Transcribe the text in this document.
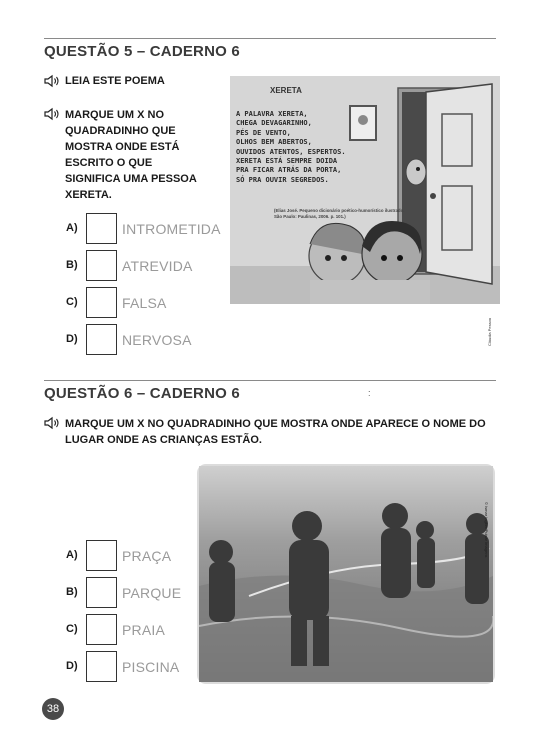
QUESTÃO 5 – CADERNO 6
LEIA ESTE POEMA
MARQUE UM X NO QUADRADINHO QUE MOSTRA ONDE ESTÁ ESCRITO O QUE SIGNIFICA UMA PESSOA XERETA.
A)	INTROMETIDA
B)	ATREVIDA
C)	FALSA
D)	NERVOSA
XERETA
A PALAVRA XERETA,
CHEGA DEVAGARINHO,
PÉS DE VENTO,
OLHOS BEM ABERTOS,
OUVIDOS ATENTOS, ESPERTOS.
XERETA ESTÁ SEMPRE DOIDA
PRA FICAR ATRÁS DA PORTA,
SÓ PRA OUVIR SEGREDOS.
(Elias José. Pequeno dicionário poético-humorístico ilustrado. São Paulo: Paulinas, 2006. p. 101.)
Cláudia Pessoa
QUESTÃO 6 – CADERNO 6	:
MARQUE UM X NO QUADRADINHO QUE MOSTRA ONDE APARECE O NOME DO LUGAR ONDE AS CRIANÇAS ESTÃO.
A)	PRAÇA
B)	PARQUE
C)	PRAIA
D)	PISCINA
© Ismar Ingber/Pulsar Imagens
38
